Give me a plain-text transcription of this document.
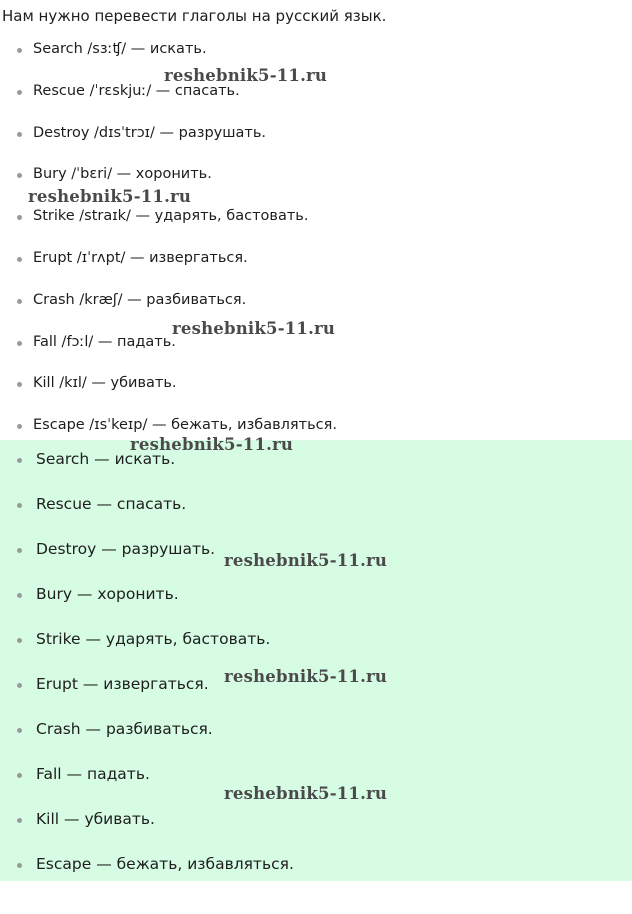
Нам нужно перевести глаголы на русский язык.

Search /sɜːʧ/ — искать.
Rescue /ˈrɛskjuː/ — спасать.
Destroy /dɪsˈtrɔɪ/ — разрушать.
Bury /ˈbɛri/ — хоронить.
Strike /straɪk/ — ударять, бастовать.
Erupt /ɪˈrʌpt/ — извергаться.
Crash /kræʃ/ — разбиваться.
Fall /fɔːl/ — падать.
Kill /kɪl/ — убивать.
Escape /ɪsˈkeɪp/ — бежать, избавляться.
Search — искать.
Rescue — спасать.
Destroy — разрушать.
Bury — хоронить.
Strike — ударять, бастовать.
Erupt — извергаться.
Crash — разбиваться.
Fall — падать.
Kill — убивать.
Escape — бежать, избавляться.
reshebnik5-11.ru
reshebnik5-11.ru
reshebnik5-11.ru
reshebnik5-11.ru
reshebnik5-11.ru
reshebnik5-11.ru
reshebnik5-11.ru
